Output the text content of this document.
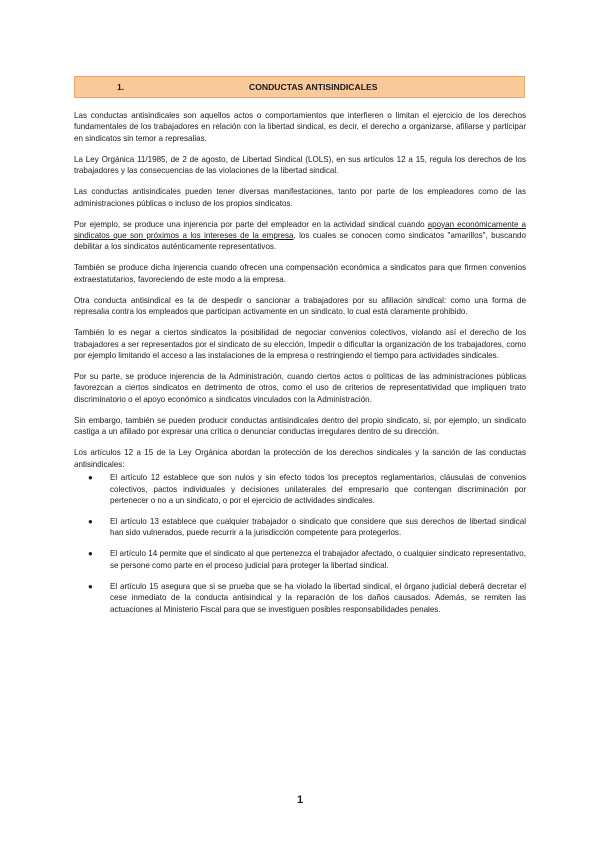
1.	CONDUCTAS ANTISINDICALES

Las conductas antisindicales son aquellos actos o comportamientos que interfieren o limitan el ejercicio de los derechos fundamentales de los trabajadores en relación con la libertad sindical, es decir, el derecho a organizarse, afiliarse y participar en sindicatos sin temor a represalias.

La Ley Orgánica 11/1985, de 2 de agosto, de Libertad Sindical (LOLS), en sus artículos 12 a 15, regula los derechos de los trabajadores y las consecuencias de las violaciones de la libertad sindical.

Las conductas antisindicales pueden tener diversas manifestaciones, tanto por parte de los empleadores como de las administraciones públicas o incluso de los propios sindicatos.

Por ejemplo, se produce una injerencia por parte del empleador en la actividad sindical cuando apoyan económicamente a sindicatos que son próximos a los intereses de la empresa, los cuales se conocen como sindicatos "amarillos", buscando debilitar a los sindicatos auténticamente representativos.

También se produce dicha injerencia cuando ofrecen una compensación económica a sindicatos para que firmen convenios extraestatutarios, favoreciendo de este modo a la empresa.

Otra conducta antisindical es la de despedir o sancionar a trabajadores por su afiliación sindical: como una forma de represalia contra los empleados que participan activamente en un sindicato, lo cual está claramente prohibido.

También lo es negar a ciertos sindicatos la posibilidad de negociar convenios colectivos, violando así el derecho de los trabajadores a ser representados por el sindicato de su elección, Impedir o dificultar la organización de los trabajadores, como por ejemplo limitando el acceso a las instalaciones de la empresa o restringiendo el tiempo para actividades sindicales.

Por su parte, se produce injerencia de la Administración, cuando ciertos actos o políticas de las administraciones públicas favorezcan a ciertos sindicatos en detrimento de otros, como el uso de criterios de representatividad que impliquen trato discriminatorio o el apoyo económico a sindicatos vinculados con la Administración.

Sin embargo, también se pueden producir conductas antisindicales dentro del propio sindicato, si, por ejemplo, un sindicato castiga a un afiliado por expresar una crítica o denunciar conductas irregulares dentro de su dirección.

Los artículos 12 a 15 de la Ley Orgánica abordan la protección de los derechos sindicales y la sanción de las conductas antisindicales:

● El artículo 12 establece que son nulos y sin efecto todos los preceptos reglamentarios, cláusulas de convenios colectivos, pactos individuales y decisiones unilaterales del empresario que contengan discriminación por pertenecer o no a un sindicato, o por el ejercicio de actividades sindicales.
● El artículo 13 establece que cualquier trabajador o sindicato que considere que sus derechos de libertad sindical han sido vulnerados, puede recurrir a la jurisdicción competente para protegerlos.
● El artículo 14 permite que el sindicato al que pertenezca el trabajador afectado, o cualquier sindicato representativo, se persone como parte en el proceso judicial para proteger la libertad sindical.
● El artículo 15 asegura que si se prueba que se ha violado la libertad sindical, el órgano judicial deberá decretar el cese inmediato de la conducta antisindical y la reparación de los daños causados. Además, se remiten las actuaciones al Ministerio Fiscal para que se investiguen posibles responsabilidades penales.
1
